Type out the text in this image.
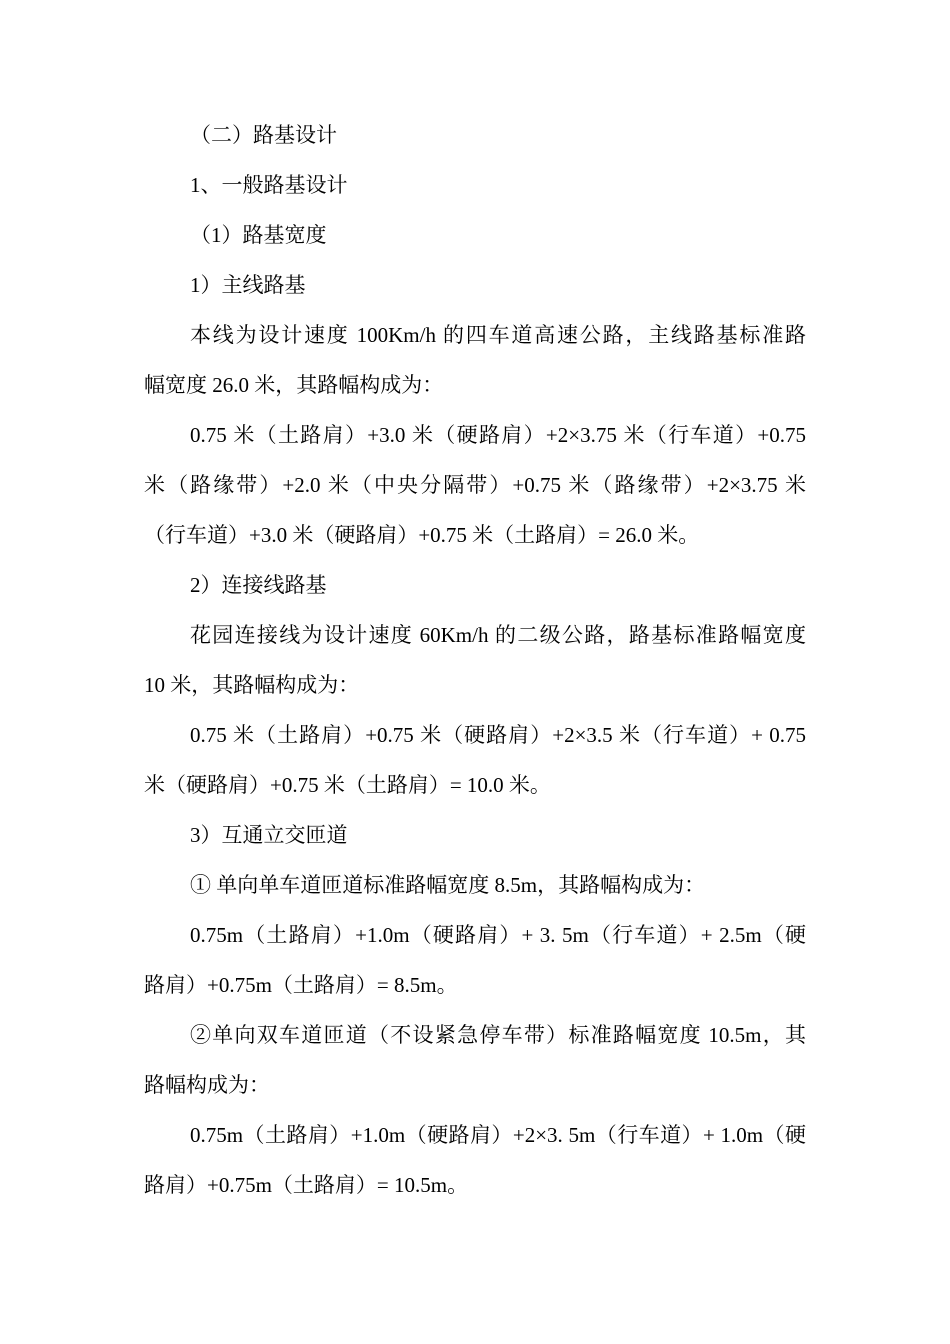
（二）路基设计

1、一般路基设计

（1）路基宽度

1）主线路基

本线为设计速度 100Km/h 的四车道高速公路，主线路基标准路
幅宽度 26.0 米，其路幅构成为：

0.75 米（土路肩）+3.0 米（硬路肩）+2×3.75 米（行车道）+0.75
米（路缘带）+2.0 米（中央分隔带）+0.75 米（路缘带）+2×3.75 米
（行车道）+3.0 米（硬路肩）+0.75 米（土路肩）= 26.0 米。

2）连接线路基

花园连接线为设计速度 60Km/h 的二级公路，路基标准路幅宽度
10 米，其路幅构成为：

0.75 米（土路肩）+0.75 米（硬路肩）+2×3.5 米（行车道）+ 0.75
米（硬路肩）+0.75 米（土路肩）= 10.0 米。

3）互通立交匝道

① 单向单车道匝道标准路幅宽度 8.5m，其路幅构成为：

0.75m（土路肩）+1.0m（硬路肩）+ 3. 5m（行车道）+ 2.5m（硬
路肩）+0.75m（土路肩）= 8.5m。

②单向双车道匝道（不设紧急停车带）标准路幅宽度 10.5m，其
路幅构成为：

0.75m（土路肩）+1.0m（硬路肩）+2×3. 5m（行车道）+ 1.0m（硬
路肩）+0.75m（土路肩）= 10.5m。
